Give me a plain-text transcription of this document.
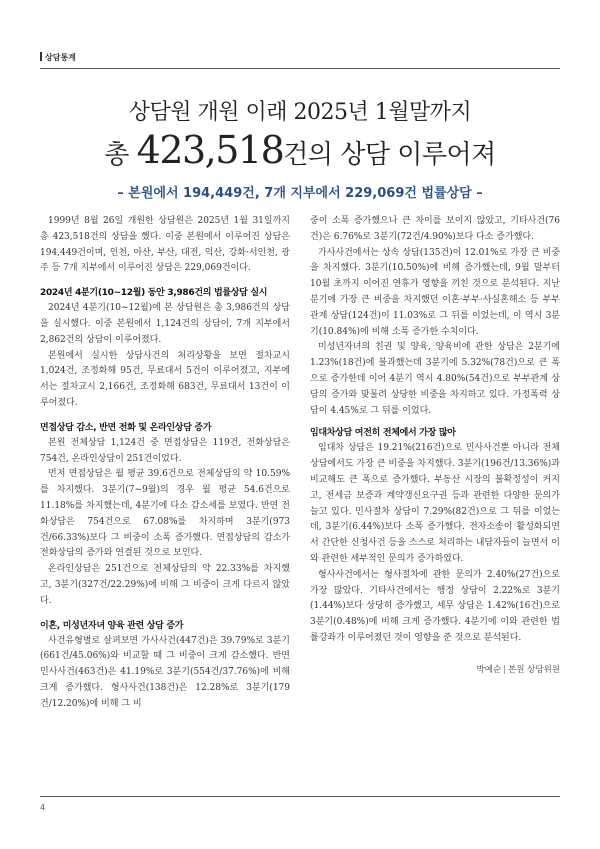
상담통계
상담원 개원 이래 2025년 1월말까지
총 423,518건의 상담 이루어져
– 본원에서 194,449건, 7개 지부에서 229,069건 법률상담 –

1999년 8월 26일 개원한 상담원은 2025년 1월 31일까지 총 423,518건의 상담을 했다. 이중 본원에서 이루어진 상담은 194,449건이며, 인천, 아산, 부산, 대전, 익산, 강화·서인천, 광주 등 7개 지부에서 이루어진 상담은 229,069건이다.

2024년 4분기(10~12월) 동안 3,986건의 법률상담 실시

2024년 4분기(10~12월)에 본 상담원은 총 3,986건의 상담을 실시했다. 이중 본원에서 1,124건의 상담이, 7개 지부에서 2,862건의 상담이 이루어졌다.

본원에서 실시한 상담사건의 처리상황을 보면 절차교시 1,024건, 조정화해 95건, 무료대서 5건이 이루어졌고, 지부에서는 절차교시 2,166건, 조정화해 683건, 무료대서 13건이 이루어졌다.

면접상담 감소, 반면 전화 및 온라인상담 증가

본원 전체상담 1,124건 중 면접상담은 119건, 전화상담은 754건, 온라인상담이 251건이었다.

먼저 면접상담은 월 평균 39.6건으로 전체상담의 약 10.59%를 차지했다. 3분기(7~9월)의 경우 월 평균 54.6건으로 11.18%를 차지했는데, 4분기에 다소 감소세를 보였다. 반면 전화상담은 754건으로 67.08%를 차지하며 3분기(973건/66.33%)보다 그 비중이 소폭 증가했다. 면접상담의 감소가 전화상담의 증가와 연결된 것으로 보인다.

온라인상담은 251건으로 전체상담의 약 22.33%를 차지했고, 3분기(327건/22.29%)에 비해 그 비중이 크게 다르지 않았다.

이혼, 미성년자녀 양육 관련 상담 증가

사건유형별로 살펴보면 가사사건(447건)은 39.79%로 3분기(661건/45.06%)와 비교할 때 그 비중이 크게 감소했다. 반면 민사사건(463건)은 41.19%로 3분기(554건/37.76%)에 비해 크게 증가했다. 형사사건(138건)은 12.28%로 3분기(179건/12.20%)에 비해 그 비

중이 소폭 증가했으나 큰 차이를 보이지 않았고, 기타사건(76건)은 6.76%로 3분기(72건/4.90%)보다 다소 증가했다.

가사사건에서는 상속 상담(135건)이 12.01%로 가장 큰 비중을 차지했다. 3분기(10.50%)에 비해 증가했는데, 9월 말부터 10월 초까지 이어진 연휴가 영향을 끼친 것으로 분석된다. 지난 분기에 가장 큰 비중을 차지했던 이혼·부부·사실혼해소 등 부부관계 상담(124건)이 11.03%로 그 뒤를 이었는데, 이 역시 3분기(10.84%)에 비해 소폭 증가한 수치이다.

미성년자녀의 친권 및 양육, 양육비에 관한 상담은 2분기에 1.23%(18건)에 불과했는데 3분기에 5.32%(78건)으로 큰 폭으로 증가한데 이어 4분기 역시 4.80%(54건)으로 부부관계 상담의 증가와 맞물려 상당한 비중을 차지하고 있다. 가정폭력 상담이 4.45%로 그 뒤를 이었다.

임대차상담 여전히 전체에서 가장 많아

임대차 상담은 19.21%(216건)으로 민사사건뿐 아니라 전체상담에서도 가장 큰 비중을 차지했다. 3분기(196건/13.36%)과 비교해도 큰 폭으로 증가했다. 부동산 시장의 불확정성이 커지고, 전세금 보증과 계약갱신요구권 등과 관련한 다양한 문의가 늘고 있다. 민사절차 상담이 7.29%(82건)으로 그 뒤를 이었는데, 3분기(6.44%)보다 소폭 증가했다. 전자소송이 활성화되면서 간단한 신청사건 등을 스스로 처리하는 내담자들이 늘면서 이와 관련한 세부적인 문의가 증가하였다.

형사사건에서는 형사절차에 관한 문의가 2.40%(27건)으로 가장 많았다. 기타사건에서는 행정 상담이 2.22%로 3분기(1.44%)보다 상당히 증가했고, 세무 상담은 1.42%(16건)으로 3분기(0.48%)에 비해 크게 증가했다. 4분기에 이와 관련한 법률강좌가 이루어졌던 것이 영향을 준 것으로 분석된다.

박예순 | 본원 상담위원
4
